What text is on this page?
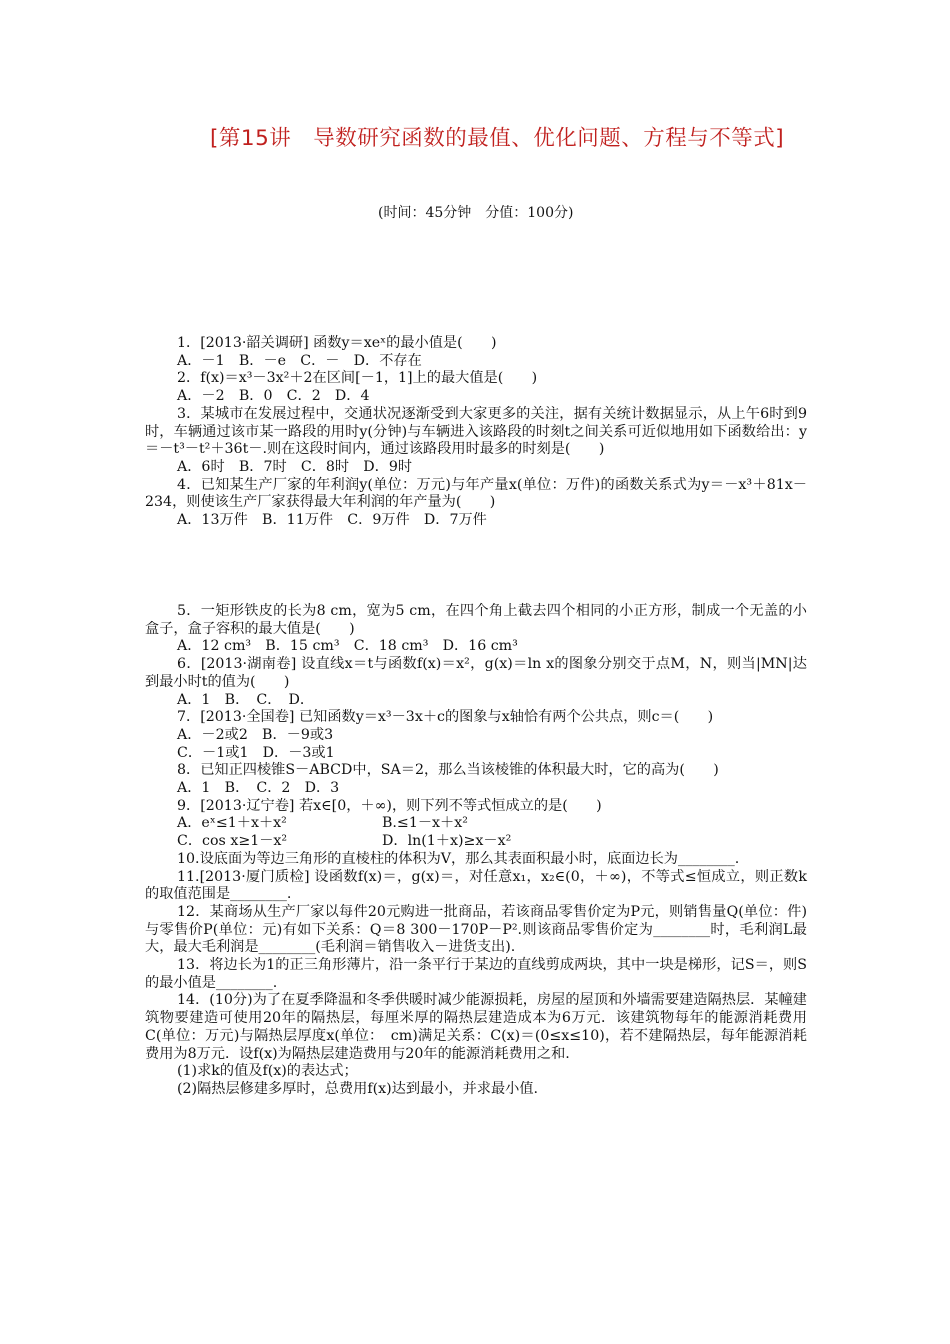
[第15讲　导数研究函数的最值、优化问题、方程与不等式]
(时间：45分钟　分值：100分)

1．[2013·韶关调研] 函数y＝xeˣ的最小值是(　　)

A．－1　B．－e　C．－　D．不存在

2．f(x)＝x³－3x²＋2在区间[－1，1]上的最大值是(　　)

A．－2　B．0　C．2　D．4

3．某城市在发展过程中，交通状况逐渐受到大家更多的关注，据有关统计数据显示，从上午6时到9时，车辆通过该市某一路段的用时y(分钟)与车辆进入该路段的时刻t之间关系可近似地用如下函数给出：y＝－t³－t²＋36t－.则在这段时间内，通过该路段用时最多的时刻是(　　)

A．6时　B．7时　C．8时　D．9时

4．已知某生产厂家的年利润y(单位：万元)与年产量x(单位：万件)的函数关系式为y＝－x³＋81x－234，则使该生产厂家获得最大年利润的年产量为(　　)

A．13万件　B．11万件　C．9万件　D．7万件

5．一矩形铁皮的长为8 cm，宽为5 cm，在四个角上截去四个相同的小正方形，制成一个无盖的小盒子，盒子容积的最大值是(　　)

A．12 cm³　B．15 cm³　C．18 cm³　D．16 cm³

6．[2013·湖南卷] 设直线x＝t与函数f(x)＝x²，g(x)＝ln x的图象分别交于点M，N，则当|MN|达到最小时t的值为(　　)

A．1　B．　C．　D．

7．[2013·全国卷] 已知函数y＝x³－3x＋c的图象与x轴恰有两个公共点，则c＝(　　)

A．－2或2　B．－9或3

C．－1或1　D．－3或1

8．已知正四棱锥S－ABCD中，SA＝2，那么当该棱锥的体积最大时，它的高为(　　)

A．1　B．　C．2　D．3

9．[2013·辽宁卷] 若x∈[0，＋∞)，则下列不等式恒成立的是(　　)

A．eˣ≤1＋x＋x²	B.≤1－x＋x²

C．cos x≥1－x²	D．ln(1＋x)≥x－x²

10.设底面为等边三角形的直棱柱的体积为V，那么其表面积最小时，底面边长为________.

11.[2013·厦门质检] 设函数f(x)＝，g(x)＝，对任意x₁，x₂∈(0，＋∞)，不等式≤恒成立，则正数k的取值范围是________.

12．某商场从生产厂家以每件20元购进一批商品，若该商品零售价定为P元，则销售量Q(单位：件)与零售价P(单位：元)有如下关系：Q＝8 300－170P－P².则该商品零售价定为________时，毛利润L最大，最大毛利润是________(毛利润＝销售收入－进货支出).

13．将边长为1的正三角形薄片，沿一条平行于某边的直线剪成两块，其中一块是梯形，记S＝，则S的最小值是________.

14．(10分)为了在夏季降温和冬季供暖时减少能源损耗，房屋的屋顶和外墙需要建造隔热层．某幢建筑物要建造可使用20年的隔热层，每厘米厚的隔热层建造成本为6万元．该建筑物每年的能源消耗费用C(单位：万元)与隔热层厚度x(单位：　cm)满足关系：C(x)＝(0≤x≤10)，若不建隔热层，每年能源消耗费用为8万元．设f(x)为隔热层建造费用与20年的能源消耗费用之和.

(1)求k的值及f(x)的表达式；

(2)隔热层修建多厚时，总费用f(x)达到最小，并求最小值.
